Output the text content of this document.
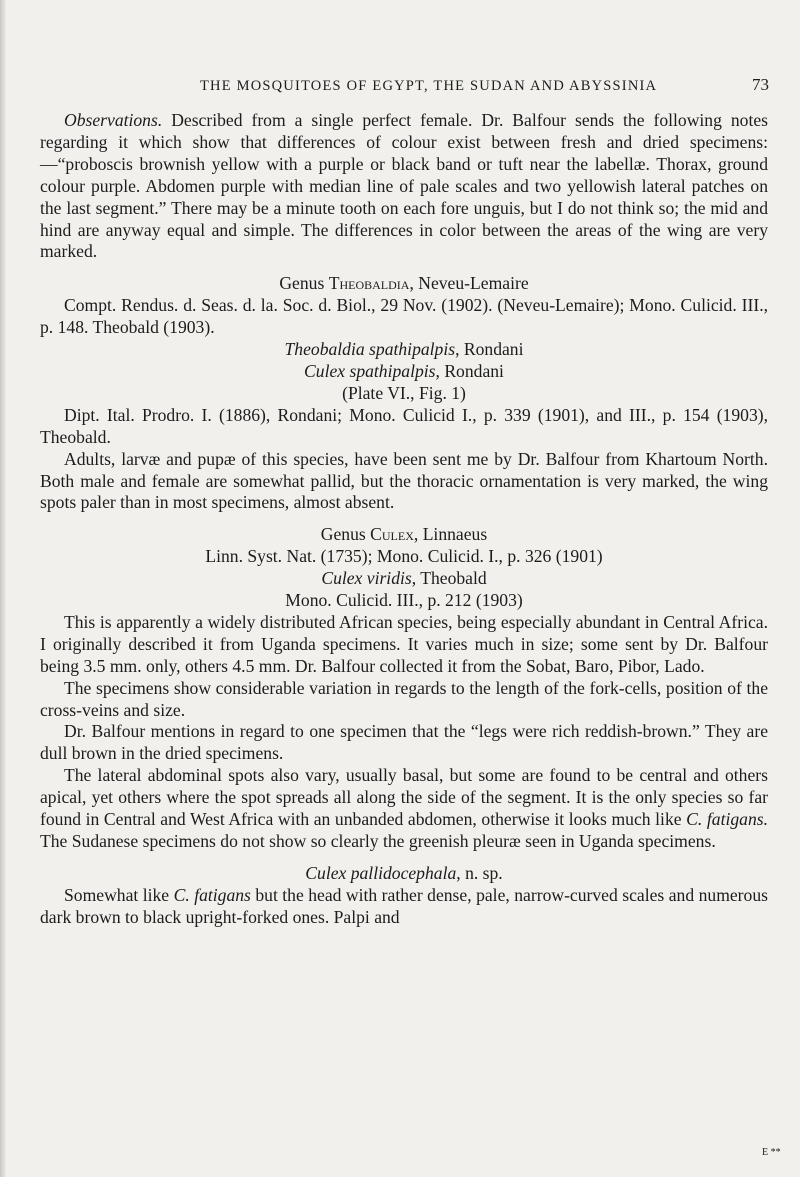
THE MOSQUITOES OF EGYPT, THE SUDAN AND ABYSSINIA	73

Observations. Described from a single perfect female. Dr. Balfour sends the following notes regarding it which show that differences of colour exist between fresh and dried specimens:—“proboscis brownish yellow with a purple or black band or tuft near the labellæ. Thorax, ground colour purple. Abdomen purple with median line of pale scales and two yellowish lateral patches on the last segment.” There may be a minute tooth on each fore unguis, but I do not think so; the mid and hind are anyway equal and simple. The differences in color between the areas of the wing are very marked.

Genus Theobaldia, Neveu-Lemaire

Compt. Rendus. d. Seas. d. la. Soc. d. Biol., 29 Nov. (1902). (Neveu-Lemaire); Mono. Culicid. III., p. 148. Theobald (1903).

Theobaldia spathipalpis, Rondani

Culex spathipalpis, Rondani

(Plate VI., Fig. 1)

Dipt. Ital. Prodro. I. (1886), Rondani; Mono. Culicid I., p. 339 (1901), and III., p. 154 (1903), Theobald.

Adults, larvæ and pupæ of this species, have been sent me by Dr. Balfour from Khartoum North. Both male and female are somewhat pallid, but the thoracic ornamentation is very marked, the wing spots paler than in most specimens, almost absent.

Genus Culex, Linnaeus

Linn. Syst. Nat. (1735); Mono. Culicid. I., p. 326 (1901)

Culex viridis, Theobald

Mono. Culicid. III., p. 212 (1903)

This is apparently a widely distributed African species, being especially abundant in Central Africa. I originally described it from Uganda specimens. It varies much in size; some sent by Dr. Balfour being 3.5 mm. only, others 4.5 mm. Dr. Balfour collected it from the Sobat, Baro, Pibor, Lado.

The specimens show considerable variation in regards to the length of the fork-cells, position of the cross-veins and size.

Dr. Balfour mentions in regard to one specimen that the “legs were rich reddish-brown.” They are dull brown in the dried specimens.

The lateral abdominal spots also vary, usually basal, but some are found to be central and others apical, yet others where the spot spreads all along the side of the segment. It is the only species so far found in Central and West Africa with an unbanded abdomen, otherwise it looks much like C. fatigans. The Sudanese specimens do not show so clearly the greenish pleuræ seen in Uganda specimens.

Culex pallidocephala, n. sp.

Somewhat like C. fatigans but the head with rather dense, pale, narrow-curved scales and numerous dark brown to black upright-forked ones. Palpi and

E **
